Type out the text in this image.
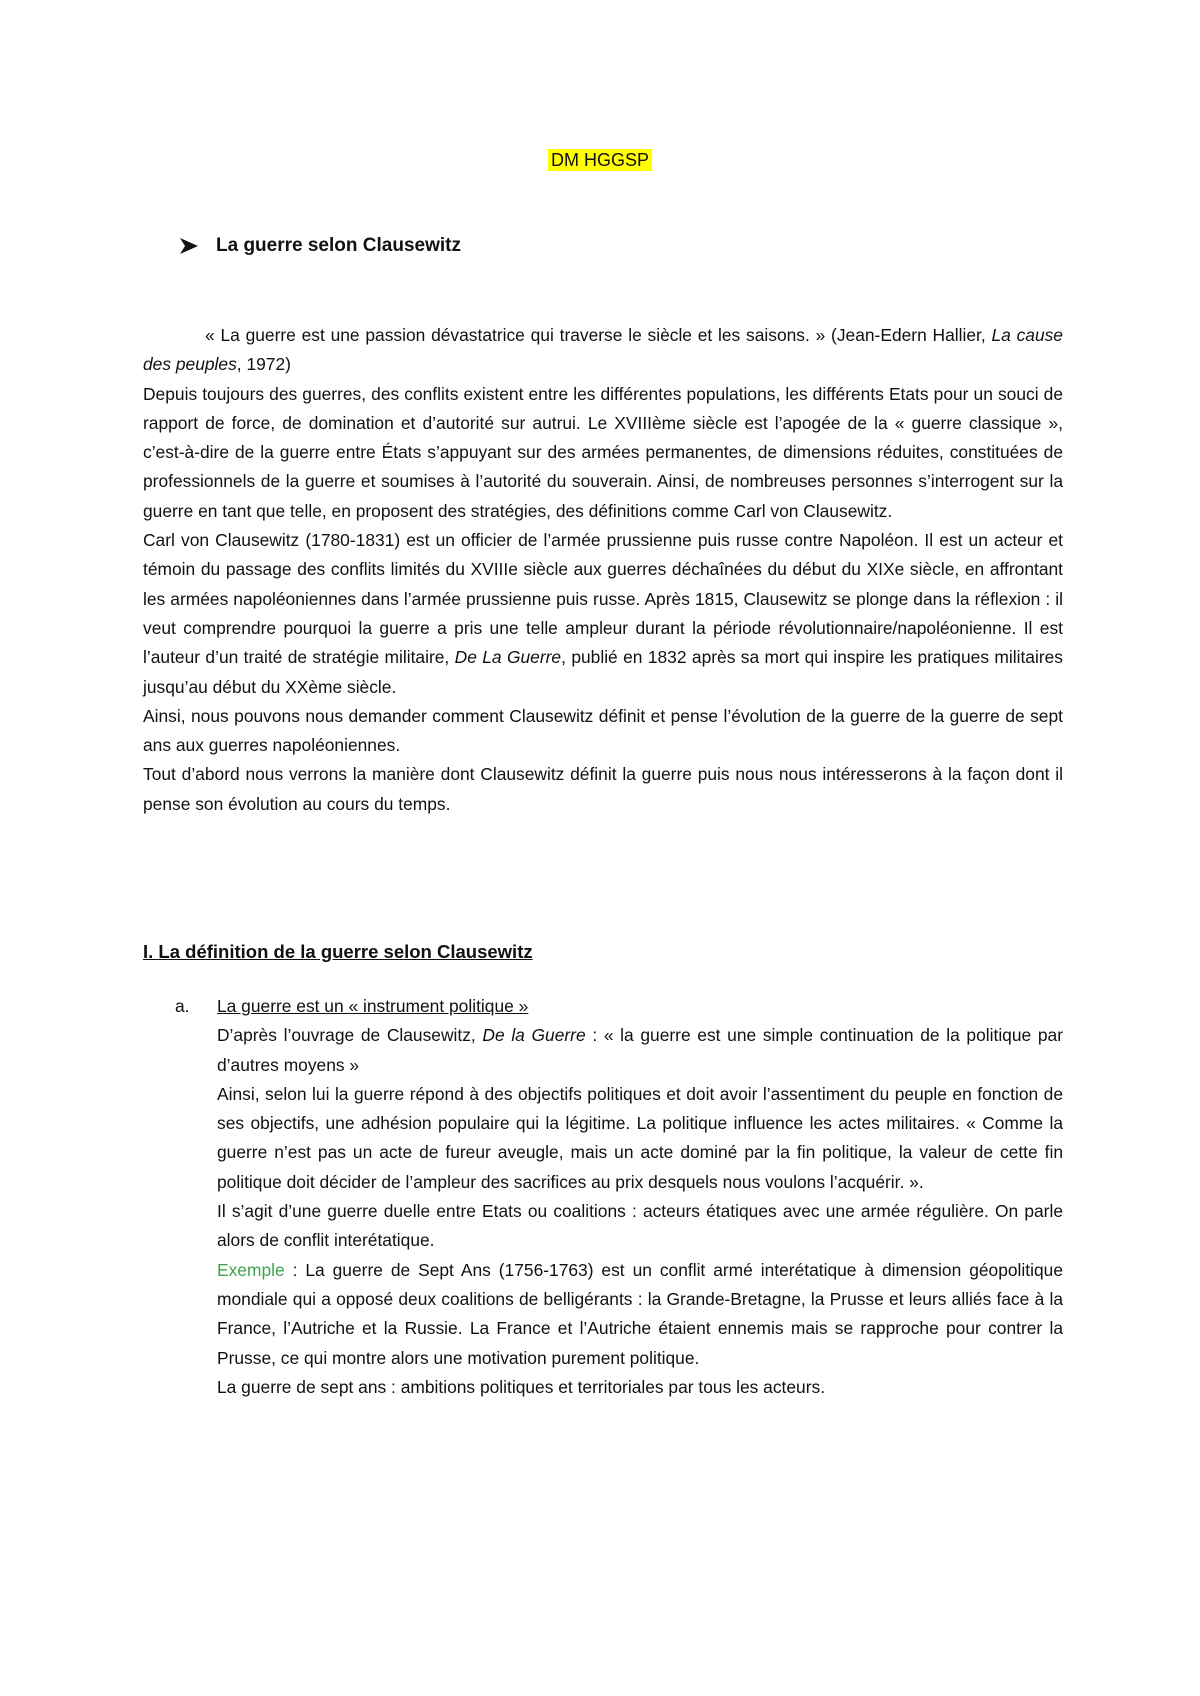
DM HGGSP
La guerre selon Clausewitz

« La guerre est une passion dévastatrice qui traverse le siècle et les saisons. » (Jean-Edern Hallier, La cause des peuples, 1972)

Depuis toujours des guerres, des conflits existent entre les différentes populations, les différents Etats pour un souci de rapport de force, de domination et d’autorité sur autrui. Le XVIIIème siècle est l’apogée de la « guerre classique », c’est-à-dire de la guerre entre États s’appuyant sur des armées permanentes, de dimensions réduites, constituées de professionnels de la guerre et soumises à l’autorité du souverain. Ainsi, de nombreuses personnes s’interrogent sur la guerre en tant que telle, en proposent des stratégies, des définitions comme Carl von Clausewitz.

Carl von Clausewitz (1780-1831) est un officier de l’armée prussienne puis russe contre Napoléon. Il est un acteur et témoin du passage des conflits limités du XVIIIe siècle aux guerres déchaînées du début du XIXe siècle, en affrontant les armées napoléoniennes dans l’armée prussienne puis russe. Après 1815, Clausewitz se plonge dans la réflexion : il veut comprendre pourquoi la guerre a pris une telle ampleur durant la période révolutionnaire/napoléonienne. Il est l’auteur d’un traité de stratégie militaire, De La Guerre, publié en 1832 après sa mort qui inspire les pratiques militaires jusqu’au début du XXème siècle.

Ainsi, nous pouvons nous demander comment Clausewitz définit et pense l’évolution de la guerre de la guerre de sept ans aux guerres napoléoniennes.

Tout d’abord nous verrons la manière dont Clausewitz définit la guerre puis nous nous intéresserons à la façon dont il pense son évolution au cours du temps.

I. La définition de la guerre selon Clausewitz
a.	La guerre est un « instrument politique »

D’après l’ouvrage de Clausewitz, De la Guerre : « la guerre est une simple continuation de la politique par d’autres moyens »

Ainsi, selon lui la guerre répond à des objectifs politiques et doit avoir l’assentiment du peuple en fonction de ses objectifs, une adhésion populaire qui la légitime. La politique influence les actes militaires. « Comme la guerre n’est pas un acte de fureur aveugle, mais un acte dominé par la fin politique, la valeur de cette fin politique doit décider de l’ampleur des sacrifices au prix desquels nous voulons l’acquérir. ».

Il s’agit d’une guerre duelle entre Etats ou coalitions : acteurs étatiques avec une armée régulière. On parle alors de conflit interétatique.

Exemple : La guerre de Sept Ans (1756-1763) est un conflit armé interétatique à dimension géopolitique mondiale qui a opposé deux coalitions de belligérants : la Grande-Bretagne, la Prusse et leurs alliés face à la France, l’Autriche et la Russie. La France et l’Autriche étaient ennemis mais se rapproche pour contrer la Prusse, ce qui montre alors une motivation purement politique.

La guerre de sept ans : ambitions politiques et territoriales par tous les acteurs.
